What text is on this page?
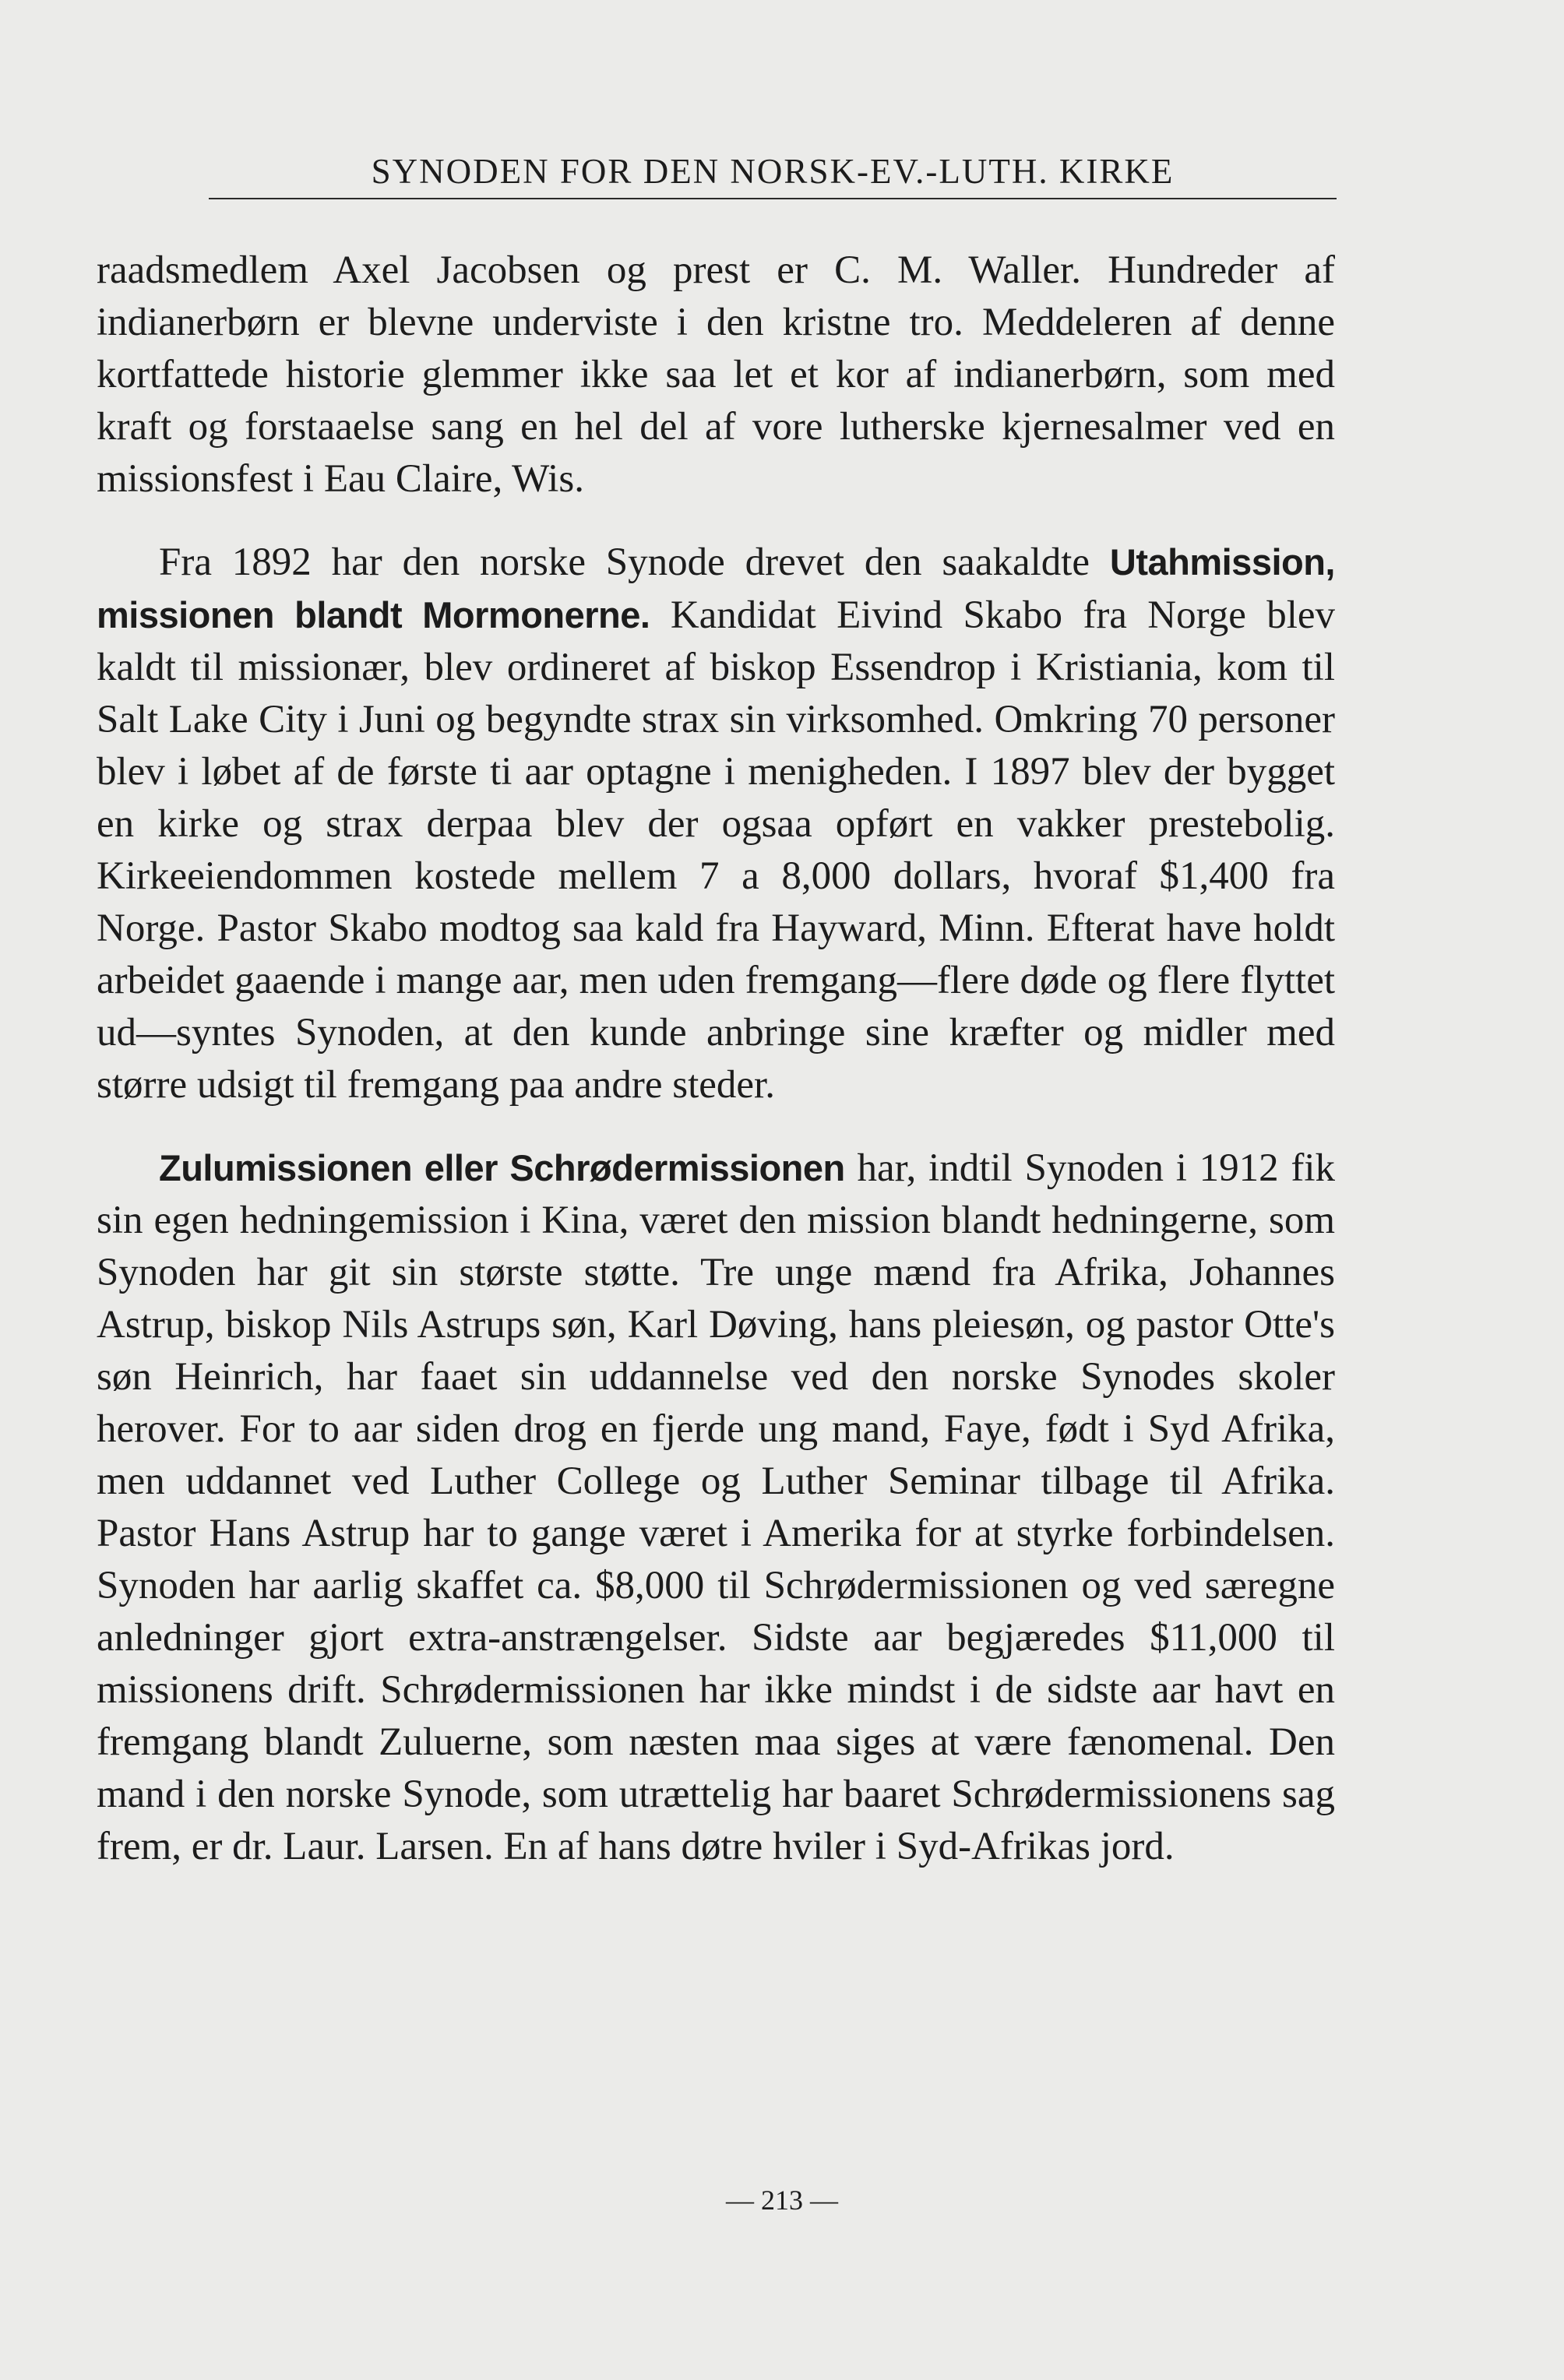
SYNODEN FOR DEN NORSK-EV.-LUTH. KIRKE

raadsmedlem Axel Jacobsen og prest er C. M. Waller. Hundreder af indianerbørn er blevne underviste i den kristne tro. Meddeleren af denne kortfattede historie glemmer ikke saa let et kor af indianerbørn, som med kraft og forstaaelse sang en hel del af vore lutherske kjernesalmer ved en missionsfest i Eau Claire, Wis.

Fra 1892 har den norske Synode drevet den saakaldte Utahmission, missionen blandt Mormonerne. Kandidat Eivind Skabo fra Norge blev kaldt til missionær, blev ordineret af biskop Essendrop i Kristiania, kom til Salt Lake City i Juni og begyndte strax sin virksomhed. Omkring 70 personer blev i løbet af de første ti aar optagne i menigheden. I 1897 blev der bygget en kirke og strax derpaa blev der ogsaa opført en vakker prestebolig. Kirkeeiendommen kostede mellem 7 a 8,000 dollars, hvoraf $1,400 fra Norge. Pastor Skabo modtog saa kald fra Hayward, Minn. Efterat have holdt arbeidet gaaende i mange aar, men uden fremgang—flere døde og flere flyttet ud—syntes Synoden, at den kunde anbringe sine kræfter og midler med større udsigt til fremgang paa andre steder.

Zulumissionen eller Schrødermissionen har, indtil Synoden i 1912 fik sin egen hedningemission i Kina, været den mission blandt hedningerne, som Synoden har git sin største støtte. Tre unge mænd fra Afrika, Johannes Astrup, biskop Nils Astrups søn, Karl Døving, hans pleiesøn, og pastor Otte's søn Heinrich, har faaet sin uddannelse ved den norske Synodes skoler herover. For to aar siden drog en fjerde ung mand, Faye, født i Syd Afrika, men uddannet ved Luther College og Luther Seminar tilbage til Afrika. Pastor Hans Astrup har to gange været i Amerika for at styrke forbindelsen. Synoden har aarlig skaffet ca. $8,000 til Schrødermissionen og ved særegne anledninger gjort extra-anstrængelser. Sidste aar begjæredes $11,000 til missionens drift. Schrødermissionen har ikke mindst i de sidste aar havt en fremgang blandt Zuluerne, som næsten maa siges at være fænomenal. Den mand i den norske Synode, som utrættelig har baaret Schrødermissionens sag frem, er dr. Laur. Larsen. En af hans døtre hviler i Syd-Afrikas jord.

— 213 —
